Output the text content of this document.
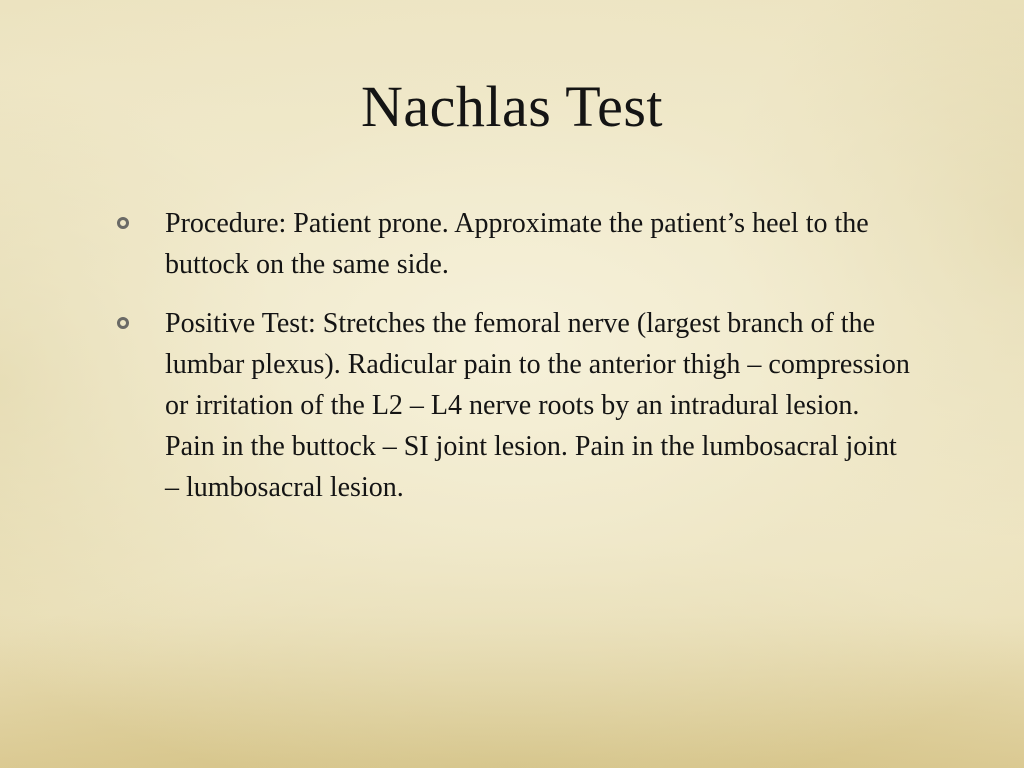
Nachlas Test
Procedure: Patient prone. Approximate the patient’s heel to the buttock on the same side.
Positive Test: Stretches the femoral nerve (largest branch of the lumbar plexus). Radicular pain to the anterior thigh – compression or irritation of the L2 – L4 nerve roots by an intradural lesion. Pain in the buttock – SI joint lesion. Pain in the lumbosacral joint – lumbosacral lesion.
